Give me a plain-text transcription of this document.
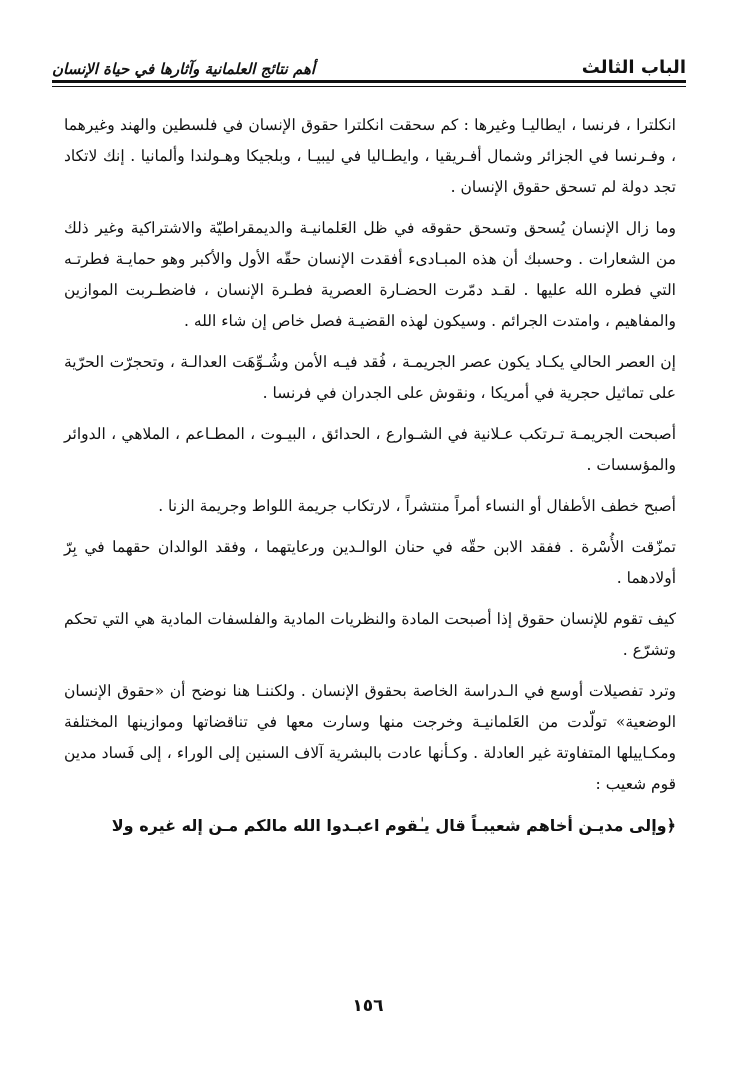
الباب الثالث
أهم نتائج العلمانية وآثارها في حياة الإنسان

انكلترا ، فرنسا ، ايطاليـا وغيرها : كم سحقت انكلترا حقوق الإنسان في فلسطين والهند وغيرهما ، وفـرنسا في الجزائر وشمال أفـريقيا ، وايطـاليا في ليبيـا ، وبلجيكا وهـولندا وألمانيا . إنك لاتكاد تجد دولة لم تسحق حقوق الإنسان .

وما زال الإنسان يُسحق وتسحق حقوقه في ظل العَلمانيـة والديمقراطيّة والاشتراكية وغير ذلك من الشعارات . وحسبك أن هذه المبـادىء أفقدت الإنسان حقّه الأول والأكبر وهو حمايـة فطرتـه التي فطره الله عليها . لقـد دمّرت الحضـارة العصرية فطـرة الإنسان ، فاضطـربت الموازين والمفاهيم ، وامتدت الجرائم . وسيكون لهذه القضيـة فصل خاص إن شاء الله .

إن العصر الحالي يكـاد يكون عصر الجريمـة ، فُقد فيـه الأمن وشُـوِّهَت العدالـة ، وتحجرّت الحرّية على تماثيل حجرية في أمريكا ، ونقوش على الجدران في فرنسا .

أصبحت الجريمـة تـرتكب عـلانية في الشـوارع ، الحدائق ، البيـوت ، المطـاعم ، الملاهي ، الدوائر والمؤسسات .

أصبح خطف الأطفال أو النساء أمراً منتشراً ، لارتكاب جريمة اللواط وجريمة الزنا .

تمزّقت الأُسْرة . ففقد الابن حقّه في حنان الوالـدين ورعايتهما ، وفقد الوالدان حقهما في بِرّ أولادهما .

كيف تقوم للإنسان حقوق إذا أصبحت المادة والنظريات المادية والفلسفات المادية هي التي تحكم وتشرّع .

وترد تفصيلات أوسع في الـدراسة الخاصة بحقوق الإنسان . ولكننـا هنا نوضح أن «حقوق الإنسان الوضعية» تولّدت من العَلمانيـة وخرجت منها وسارت معها في تناقضاتها وموازينها المختلفة ومكـاييلها المتفاوتة غير العادلة . وكـأنها عادت بالبشرية آلاف السنين إلى الوراء ، إلى فَساد مدين قوم شعيب :

﴿وإلى مديـن أخاهم شعيبـاً قال يـٰقوم اعبـدوا الله مالكم مـن إله غيره ولا

١٥٦
